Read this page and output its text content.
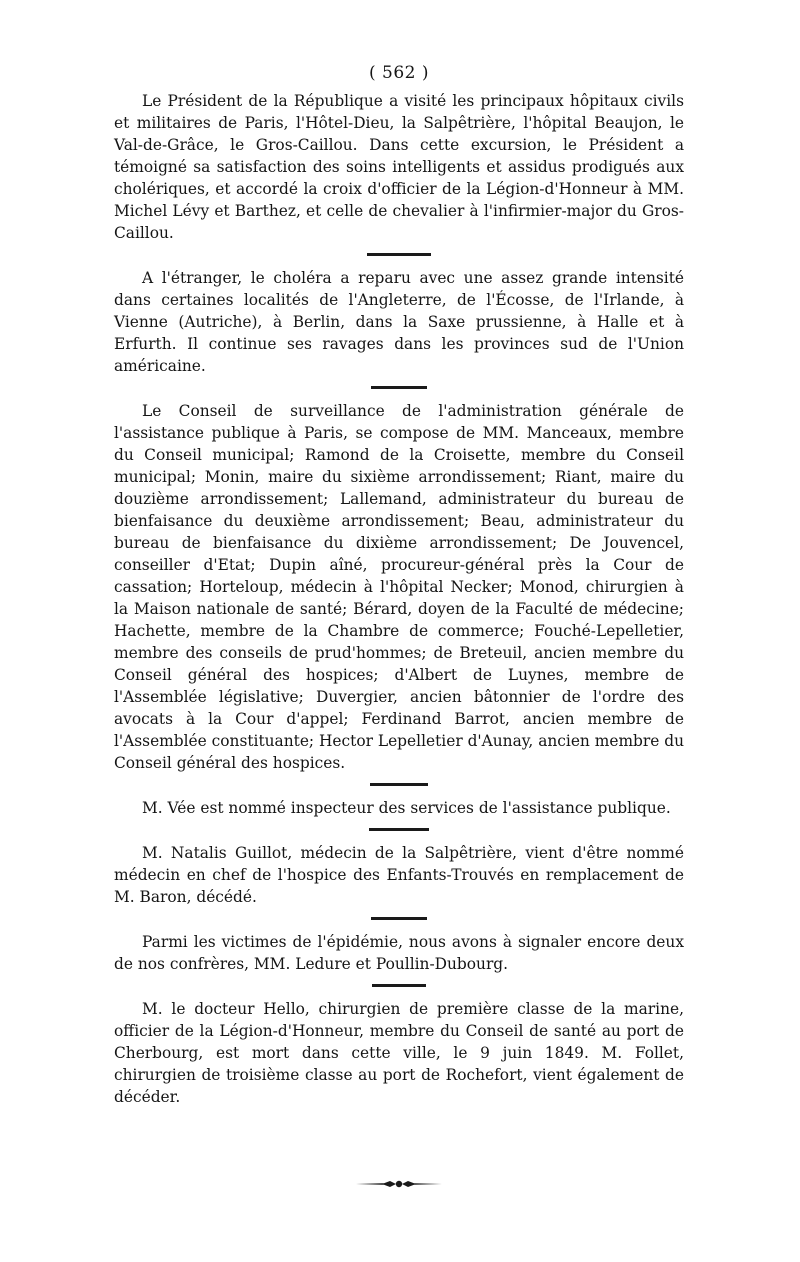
( 562 )

Le Président de la République a visité les principaux hôpitaux civils et militaires de Paris, l'Hôtel-Dieu, la Salpêtrière, l'hôpital Beaujon, le Val-de-Grâce, le Gros-Caillou. Dans cette excursion, le Président a témoigné sa satisfaction des soins intelligents et assidus prodigués aux cholériques, et accordé la croix d'officier de la Légion-d'Honneur à MM. Michel Lévy et Barthez, et celle de chevalier à l'infirmier-major du Gros-Caillou.

A l'étranger, le choléra a reparu avec une assez grande intensité dans certaines localités de l'Angleterre, de l'Écosse, de l'Irlande, à Vienne (Autriche), à Berlin, dans la Saxe prussienne, à Halle et à Erfurth. Il continue ses ravages dans les provinces sud de l'Union américaine.

Le Conseil de surveillance de l'administration générale de l'assistance publique à Paris, se compose de MM. Manceaux, membre du Conseil municipal; Ramond de la Croisette, membre du Conseil municipal; Monin, maire du sixième arrondissement; Riant, maire du douzième arrondissement; Lallemand, administrateur du bureau de bienfaisance du deuxième arrondissement; Beau, administrateur du bureau de bienfaisance du dixième arrondissement; De Jouvencel, conseiller d'Etat; Dupin aîné, procureur-général près la Cour de cassation; Horteloup, médecin à l'hôpital Necker; Monod, chirurgien à la Maison nationale de santé; Bérard, doyen de la Faculté de médecine; Hachette, membre de la Chambre de commerce; Fouché-Lepelletier, membre des conseils de prud'hommes; de Breteuil, ancien membre du Conseil général des hospices; d'Albert de Luynes, membre de l'Assemblée législative; Duvergier, ancien bâtonnier de l'ordre des avocats à la Cour d'appel; Ferdinand Barrot, ancien membre de l'Assemblée constituante; Hector Lepelletier d'Aunay, ancien membre du Conseil général des hospices.

M. Vée est nommé inspecteur des services de l'assistance publique.

M. Natalis Guillot, médecin de la Salpêtrière, vient d'être nommé médecin en chef de l'hospice des Enfants-Trouvés en remplacement de M. Baron, décédé.

Parmi les victimes de l'épidémie, nous avons à signaler encore deux de nos confrères, MM. Ledure et Poullin-Dubourg.

M. le docteur Hello, chirurgien de première classe de la marine, officier de la Légion-d'Honneur, membre du Conseil de santé au port de Cherbourg, est mort dans cette ville, le 9 juin 1849. M. Follet, chirurgien de troisième classe au port de Rochefort, vient également de décéder.
